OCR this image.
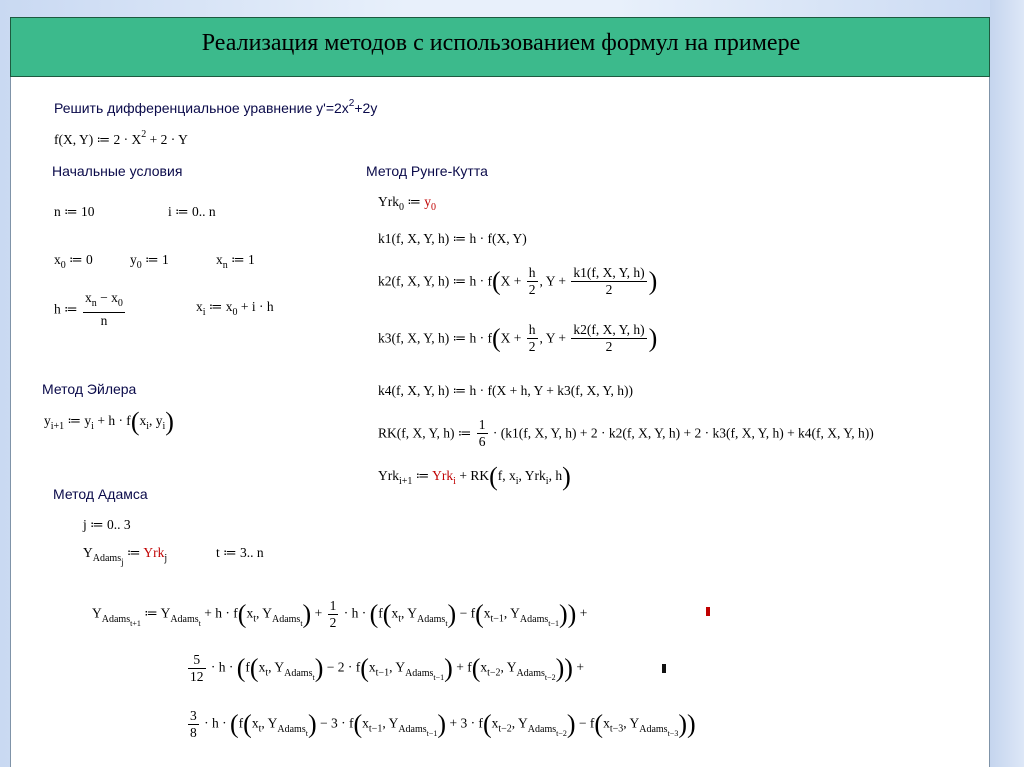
Реализация методов с использованием формул на примере
Решить дифференциальное уравнение $y'=2x^2+2y$
f(X, Y) ≔ $2 \cdot X^2 + 2 \cdot Y$
Начальные условия
n ≔ 10	i ≔ 0.. n
$x_0$ ≔ 0	$y_0$ ≔ 1	$x_n$ ≔ 1
h ≔ $\frac{x_n - x_0}{n}$	$x_i$ ≔ $x_0 + i \cdot h$
Метод Эйлера
$y_{i+1}$ ≔ $y_i + h \cdot f(x_i$, $y_i$)
Метод Рунге-Кутта
Yrk$_0$ ≔ $y_0$
k1(f, X, Y, h) ≔ h · f(X, Y)
k2(f, X, Y, h) ≔ $h \cdot f(X + \frac{h}{2}$ , $Y + \frac{k1(f, X, Y, h)}{2}$ )
k3(f, X, Y, h) ≔ $h \cdot f(X + \frac{h}{2}$ , $Y + \frac{k2(f, X, Y, h)}{2}$ )
k4(f, X, Y, h) ≔ h · f(X + h, Y + k3(f, X, Y, h))
RK(f, X, Y, h) ≔ $\frac{1}{6} \cdot (k1(f$, X, Y, h) + 2 · k2(f, X, Y, h) + 2 · k3(f, X, Y, h) + k4(f, X, Y, h))
Yrk$_{i+1}$ ≔ Yrk$_i$ + RK(f, $x_i$, Yrk$_i$, h)
Метод Адамса
j ≔ 0.. 3
$Y_{Adamsj}$ ≔ Yrk$_j$	t ≔ 3.. n
$Y_{Adams_{t+1}}$ ≔ $Y_{Adams_t} + h \cdot f(x_t$, $Y_{Adams_t}) + \frac{1}{2} \cdot h \cdot (f(x_t$, $Y_{Adams_t}) - f(x_{t-1}$, $Y_{Adams_{t-1}}$)) +
$\frac{5}{12} \cdot h \cdot (f(x_t$, $Y_{Adams_t}) - 2 \cdot f(x_{t-1}$, $Y_{Adams_{t-1}}) + f(x_{t-2}$, $Y_{Adams_{t-2}}$)) +
$\frac{3}{8} \cdot h \cdot (f(x_t$, $Y_{Adams_t}) - 3 \cdot f(x_{t-1}$, $Y_{Adams_{t-1}}) + 3 \cdot f(x_{t-2}$, $Y_{Adams_{t-2}}) - f(x_{t-3}$, $Y_{Adams_{t-3}}$))
